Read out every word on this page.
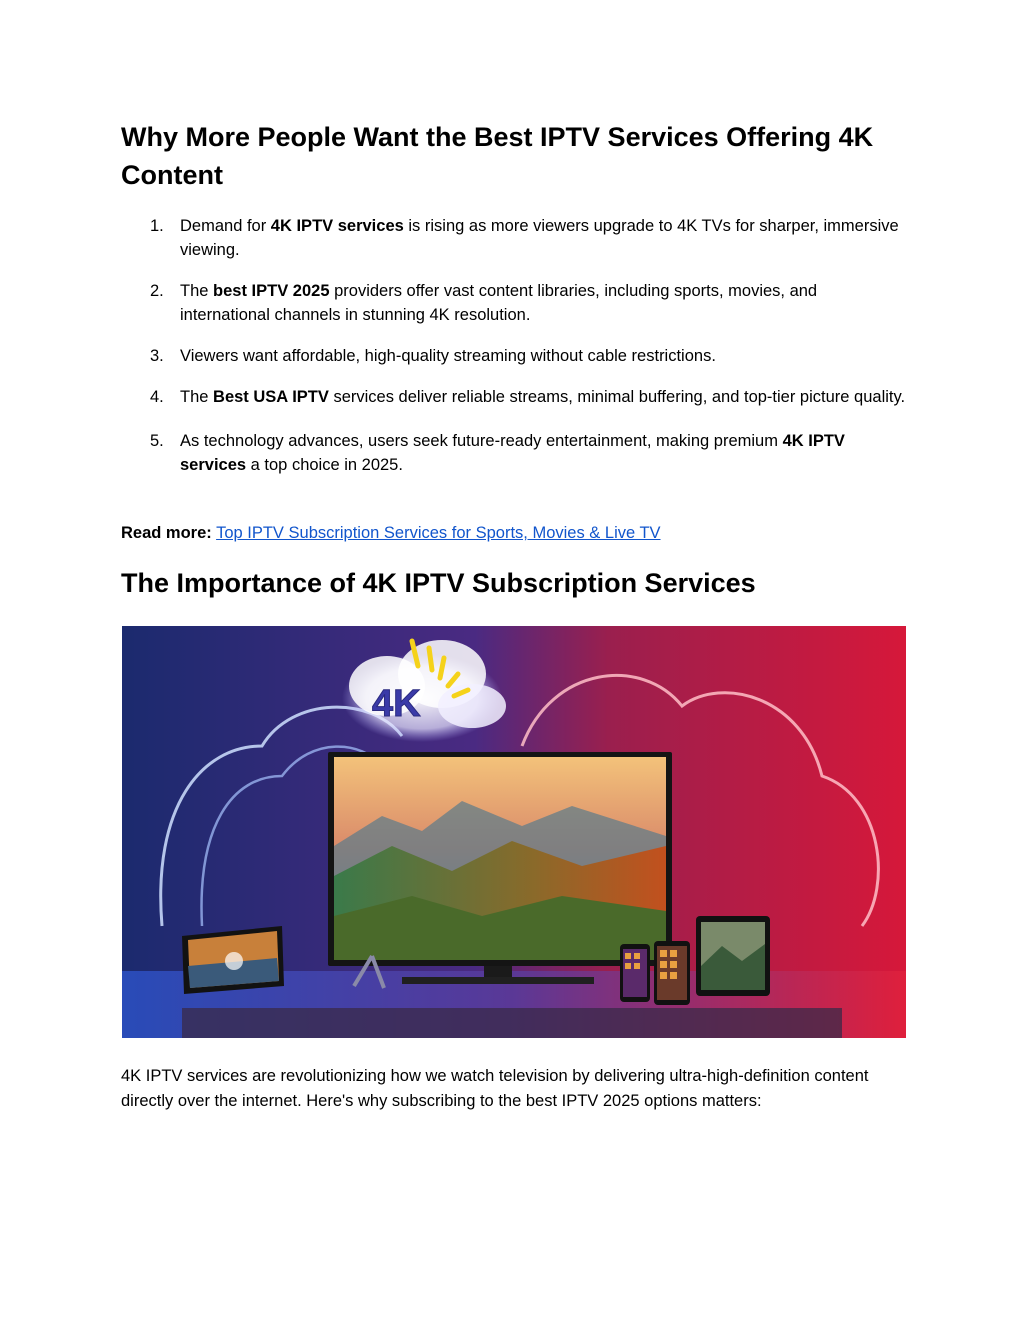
Why More People Want the Best IPTV Services Offering 4K Content
1. Demand for 4K IPTV services is rising as more viewers upgrade to 4K TVs for sharper, immersive viewing.
2. The best IPTV 2025 providers offer vast content libraries, including sports, movies, and international channels in stunning 4K resolution.
3. Viewers want affordable, high-quality streaming without cable restrictions.
4. The Best USA IPTV services deliver reliable streams, minimal buffering, and top-tier picture quality.
5. As technology advances, users seek future-ready entertainment, making premium 4K IPTV services a top choice in 2025.

Read more: Top IPTV Subscription Services for Sports, Movies & Live TV

The Importance of 4K IPTV Subscription Services
4K

4K IPTV services are revolutionizing how we watch television by delivering ultra-high-definition content directly over the internet. Here's why subscribing to the best IPTV 2025 options matters:
